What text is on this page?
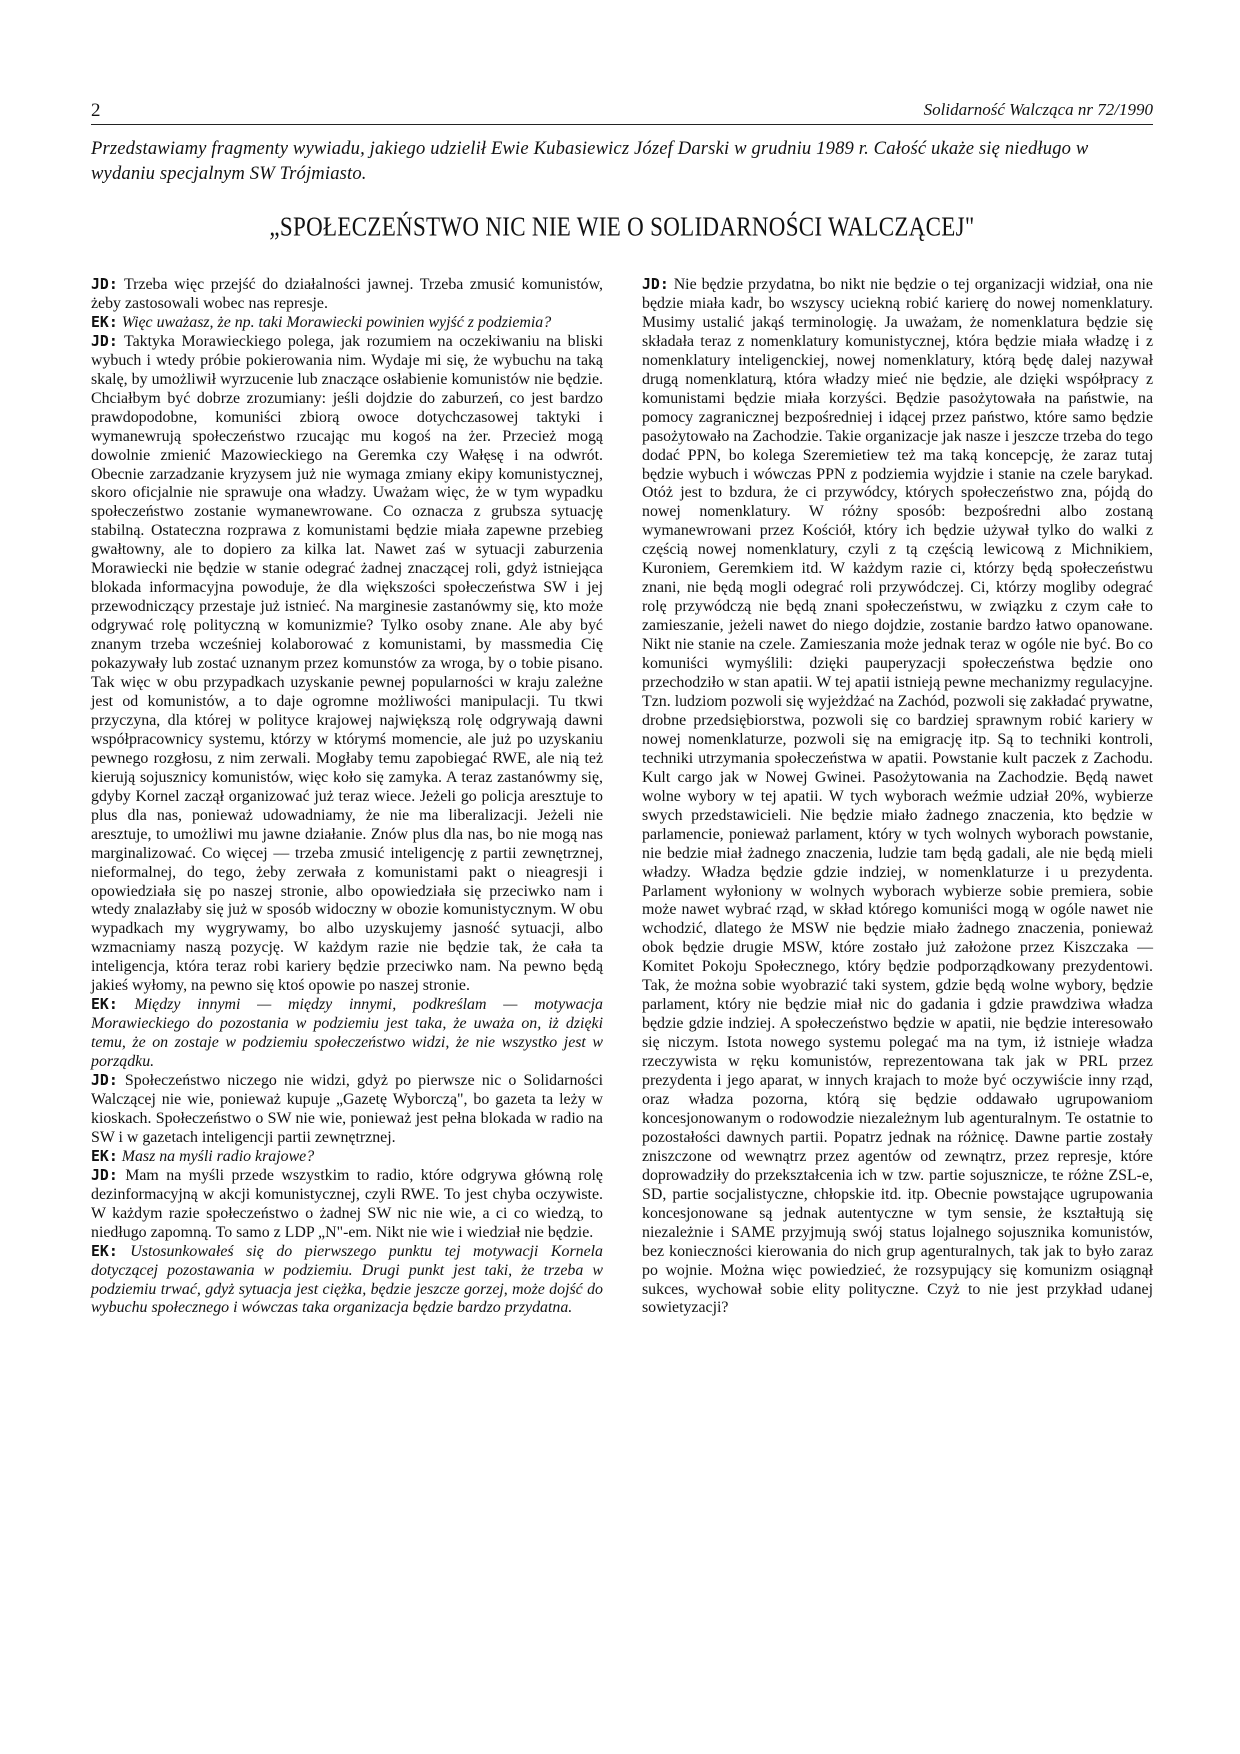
2	Solidarność Walcząca nr 72/1990
Przedstawiamy fragmenty wywiadu, jakiego udzielił Ewie Kubasiewicz Józef Darski w grudniu 1989 r. Całość ukaże się niedługo w wydaniu specjalnym SW Trójmiasto.
„SPOŁECZEŃSTWO NIC NIE WIE O SOLIDARNOŚCI WALCZĄCEJ"

JD: Trzeba więc przejść do działalności jawnej. Trzeba zmusić komunistów, żeby zastosowali wobec nas represje.

EK: Więc uważasz, że np. taki Morawiecki powinien wyjść z podziemia?

JD: Taktyka Morawieckiego polega, jak rozumiem na oczekiwaniu na bliski wybuch i wtedy próbie pokierowania nim. Wydaje mi się, że wybuchu na taką skalę, by umożliwił wyrzucenie lub znaczące osłabienie komunistów nie będzie. Chciałbym być dobrze zrozumiany: jeśli dojdzie do zaburzeń, co jest bardzo prawdopodobne, komuniści zbiorą owoce dotychczasowej taktyki i wymanewrują społeczeństwo rzucając mu kogoś na żer. Przecież mogą dowolnie zmienić Mazowieckiego na Geremka czy Wałęsę i na odwrót. Obecnie zarzadzanie kryzysem już nie wymaga zmiany ekipy komunistycznej, skoro oficjalnie nie sprawuje ona władzy. Uważam więc, że w tym wypadku społeczeństwo zostanie wymanewrowane. Co oznacza z grubsza sytuację stabilną. Ostateczna rozprawa z komunistami będzie miała zapewne przebieg gwałtowny, ale to dopiero za kilka lat. Nawet zaś w sytuacji zaburzenia Morawiecki nie będzie w stanie odegrać żadnej znaczącej roli, gdyż istniejąca blokada informacyjna powoduje, że dla większości społeczeństwa SW i jej przewodniczący przestaje już istnieć. Na marginesie zastanówmy się, kto może odgrywać rolę polityczną w komunizmie? Tylko osoby znane. Ale aby być znanym trzeba wcześniej kolaborować z komunistami, by massmedia Cię pokazywały lub zostać uznanym przez komunstów za wroga, by o tobie pisano. Tak więc w obu przypadkach uzyskanie pewnej popularności w kraju zależne jest od komunistów, a to daje ogromne możliwości manipulacji. Tu tkwi przyczyna, dla której w polityce krajowej największą rolę odgrywają dawni współpracownicy systemu, którzy w którymś momencie, ale już po uzyskaniu pewnego rozgłosu, z nim zerwali. Mogłaby temu zapobiegać RWE, ale nią też kierują sojusznicy komunistów, więc koło się zamyka. A teraz zastanówmy się, gdyby Kornel zaczął organizować już teraz wiece. Jeżeli go policja aresztuje to plus dla nas, ponieważ udowadniamy, że nie ma liberalizacji. Jeżeli nie aresztuje, to umożliwi mu jawne działanie. Znów plus dla nas, bo nie mogą nas marginalizować. Co więcej — trzeba zmusić inteligencję z partii zewnętrznej, nieformalnej, do tego, żeby zerwała z komunistami pakt o nieagresji i opowiedziała się po naszej stronie, albo opowiedziała się przeciwko nam i wtedy znalazłaby się już w sposób widoczny w obozie komunistycznym. W obu wypadkach my wygrywamy, bo albo uzyskujemy jasność sytuacji, albo wzmacniamy naszą pozycję. W każdym razie nie będzie tak, że cała ta inteligencja, która teraz robi kariery będzie przeciwko nam. Na pewno będą jakieś wyłomy, na pewno się ktoś opowie po naszej stronie.

EK: Między innymi — między innymi, podkreślam — motywacja Morawieckiego do pozostania w podziemiu jest taka, że uważa on, iż dzięki temu, że on zostaje w podziemiu społeczeństwo widzi, że nie wszystko jest w porządku.

JD: Społeczeństwo niczego nie widzi, gdyż po pierwsze nic o Solidarności Walczącej nie wie, ponieważ kupuje „Gazetę Wyborczą", bo gazeta ta leży w kioskach. Społeczeństwo o SW nie wie, ponieważ jest pełna blokada w radio na SW i w gazetach inteligencji partii zewnętrznej.

EK: Masz na myśli radio krajowe?

JD: Mam na myśli przede wszystkim to radio, które odgrywa główną rolę dezinformacyjną w akcji komunistycznej, czyli RWE. To jest chyba oczywiste. W każdym razie społeczeństwo o żadnej SW nic nie wie, a ci co wiedzą, to niedługo zapomną. To samo z LDP „N"-em. Nikt nie wie i wiedział nie będzie.

EK: Ustosunkowałeś się do pierwszego punktu tej motywacji Kornela dotyczącej pozostawania w podziemiu. Drugi punkt jest taki, że trzeba w podziemiu trwać, gdyż sytuacja jest ciężka, będzie jeszcze gorzej, może dojść do wybuchu społecznego i wówczas taka organizacja będzie bardzo przydatna.

JD: Nie będzie przydatna, bo nikt nie będzie o tej organizacji widział, ona nie będzie miała kadr, bo wszyscy uciekną robić karierę do nowej nomenklatury. Musimy ustalić jakąś terminologię. Ja uważam, że nomenklatura będzie się składała teraz z nomenklatury komunistycznej, która będzie miała władzę i z nomenklatury inteligenckiej, nowej nomenklatury, którą będę dalej nazywał drugą nomenklaturą, która władzy mieć nie będzie, ale dzięki współpracy z komunistami będzie miała korzyści. Będzie pasożytowała na państwie, na pomocy zagranicznej bezpośredniej i idącej przez państwo, które samo będzie pasożytowało na Zachodzie. Takie organizacje jak nasze i jeszcze trzeba do tego dodać PPN, bo kolega Szeremietiew też ma taką koncepcję, że zaraz tutaj będzie wybuch i wówczas PPN z podziemia wyjdzie i stanie na czele barykad. Otóż jest to bzdura, że ci przywódcy, których społeczeństwo zna, pójdą do nowej nomenklatury. W różny sposób: bezpośredni albo zostaną wymanewrowani przez Kościół, który ich będzie używał tylko do walki z częścią nowej nomenklatury, czyli z tą częścią lewicową z Michnikiem, Kuroniem, Geremkiem itd. W każdym razie ci, którzy będą społeczeństwu znani, nie będą mogli odegrać roli przywódczej. Ci, którzy mogliby odegrać rolę przywódczą nie będą znani społeczeństwu, w związku z czym całe to zamieszanie, jeżeli nawet do niego dojdzie, zostanie bardzo łatwo opanowane. Nikt nie stanie na czele. Zamieszania może jednak teraz w ogóle nie być. Bo co komuniści wymyślili: dzięki pauperyzacji społeczeństwa będzie ono przechodziło w stan apatii. W tej apatii istnieją pewne mechanizmy regulacyjne. Tzn. ludziom pozwoli się wyjeżdżać na Zachód, pozwoli się zakładać prywatne, drobne przedsiębiorstwa, pozwoli się co bardziej sprawnym robić kariery w nowej nomenklaturze, pozwoli się na emigrację itp. Są to techniki kontroli, techniki utrzymania społeczeństwa w apatii. Powstanie kult paczek z Zachodu. Kult cargo jak w Nowej Gwinei. Pasożytowania na Zachodzie. Będą nawet wolne wybory w tej apatii. W tych wyborach weźmie udział 20%, wybierze swych przedstawicieli. Nie będzie miało żadnego znaczenia, kto będzie w parlamencie, ponieważ parlament, który w tych wolnych wyborach powstanie, nie bedzie miał żadnego znaczenia, ludzie tam będą gadali, ale nie będą mieli władzy. Władza będzie gdzie indziej, w nomenklaturze i u prezydenta. Parlament wyłoniony w wolnych wyborach wybierze sobie premiera, sobie może nawet wybrać rząd, w skład którego komuniści mogą w ogóle nawet nie wchodzić, dlatego że MSW nie będzie miało żadnego znaczenia, ponieważ obok będzie drugie MSW, które zostało już założone przez Kiszczaka — Komitet Pokoju Społecznego, który będzie podporządkowany prezydentowi. Tak, że można sobie wyobrazić taki system, gdzie będą wolne wybory, będzie parlament, który nie będzie miał nic do gadania i gdzie prawdziwa władza będzie gdzie indziej. A społeczeństwo będzie w apatii, nie będzie interesowało się niczym. Istota nowego systemu polegać ma na tym, iż istnieje władza rzeczywista w ręku komunistów, reprezentowana tak jak w PRL przez prezydenta i jego aparat, w innych krajach to może być oczywiście inny rząd, oraz władza pozorna, którą się będzie oddawało ugrupowaniom koncesjonowanym o rodowodzie niezależnym lub agenturalnym. Te ostatnie to pozostałości dawnych partii. Popatrz jednak na różnicę. Dawne partie zostały zniszczone od wewnątrz przez agentów od zewnątrz, przez represje, które doprowadziły do przekształcenia ich w tzw. partie sojusznicze, te różne ZSL-e, SD, partie socjalistyczne, chłopskie itd. itp. Obecnie powstające ugrupowania koncesjonowane są jednak autentyczne w tym sensie, że kształtują się niezależnie i SAME przyjmują swój status lojalnego sojusznika komunistów, bez konieczności kierowania do nich grup agenturalnych, tak jak to było zaraz po wojnie. Można więc powiedzieć, że rozsypujący się komunizm osiągnął sukces, wychował sobie elity polityczne. Czyż to nie jest przykład udanej sowietyzacji?
